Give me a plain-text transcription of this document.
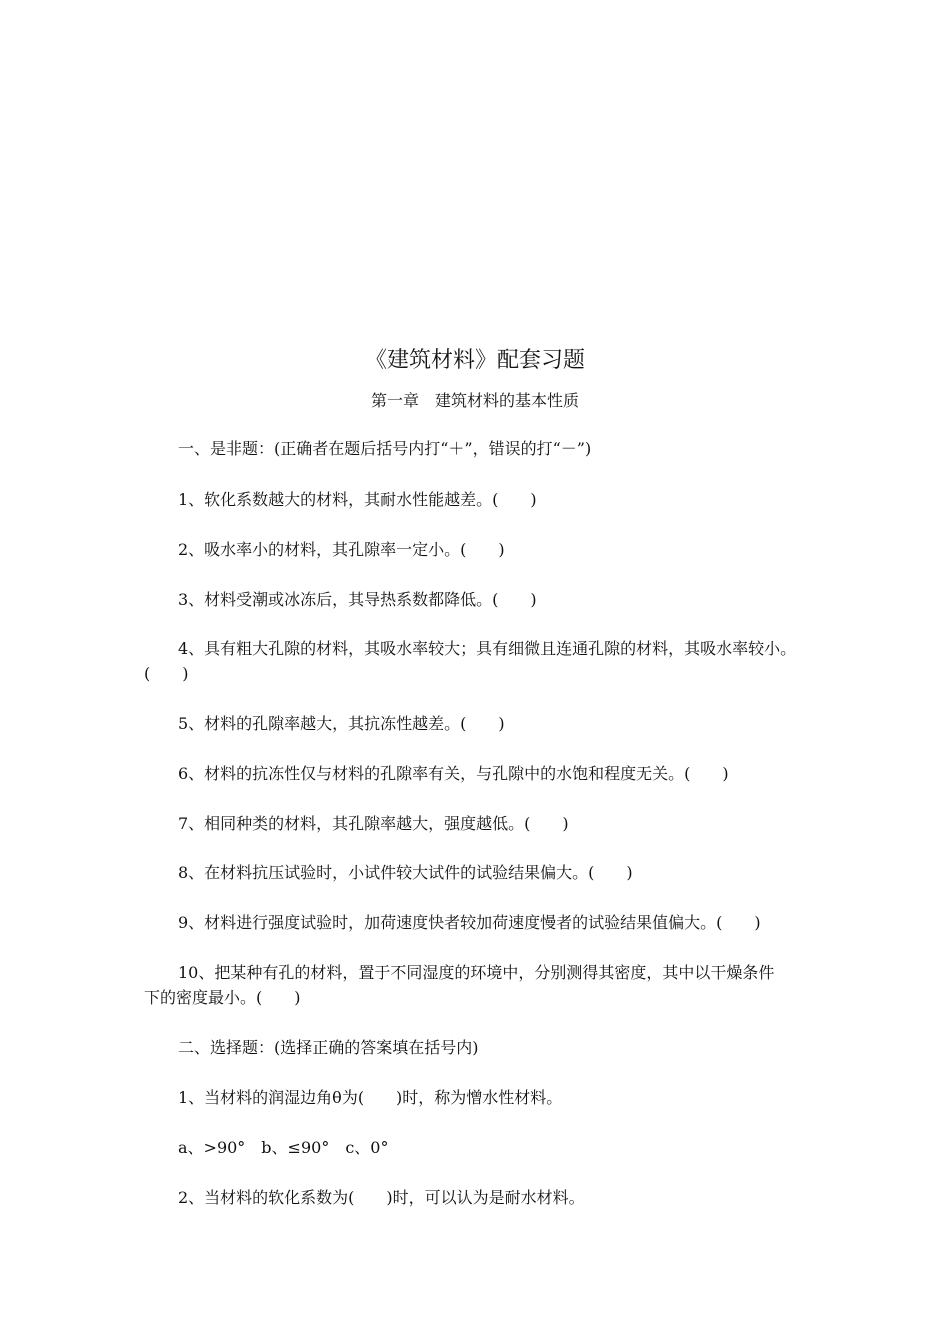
《建筑材料》配套习题
第一章　建筑材料的基本性质
一、是非题：(正确者在题后括号内打“＋”，错误的打“－”)
1、软化系数越大的材料，其耐水性能越差。(　　)
2、吸水率小的材料，其孔隙率一定小。(　　)
3、材料受潮或冰冻后，其导热系数都降低。(　　)
4、具有粗大孔隙的材料，其吸水率较大；具有细微且连通孔隙的材料，其吸水率较小。
(　　)
5、材料的孔隙率越大，其抗冻性越差。(　　)
6、材料的抗冻性仅与材料的孔隙率有关，与孔隙中的水饱和程度无关。(　　)
7、相同种类的材料，其孔隙率越大，强度越低。(　　)
8、在材料抗压试验时，小试件较大试件的试验结果偏大。(　　)
9、材料进行强度试验时，加荷速度快者较加荷速度慢者的试验结果值偏大。(　　)
10、把某种有孔的材料，置于不同湿度的环境中，分别测得其密度，其中以干燥条件
下的密度最小。(　　)
二、选择题：(选择正确的答案填在括号内)
1、当材料的润湿边角θ为(　　)时，称为憎水性材料。
a、>90°　b、≤90°　c、0°
2、当材料的软化系数为(　　)时，可以认为是耐水材料。
